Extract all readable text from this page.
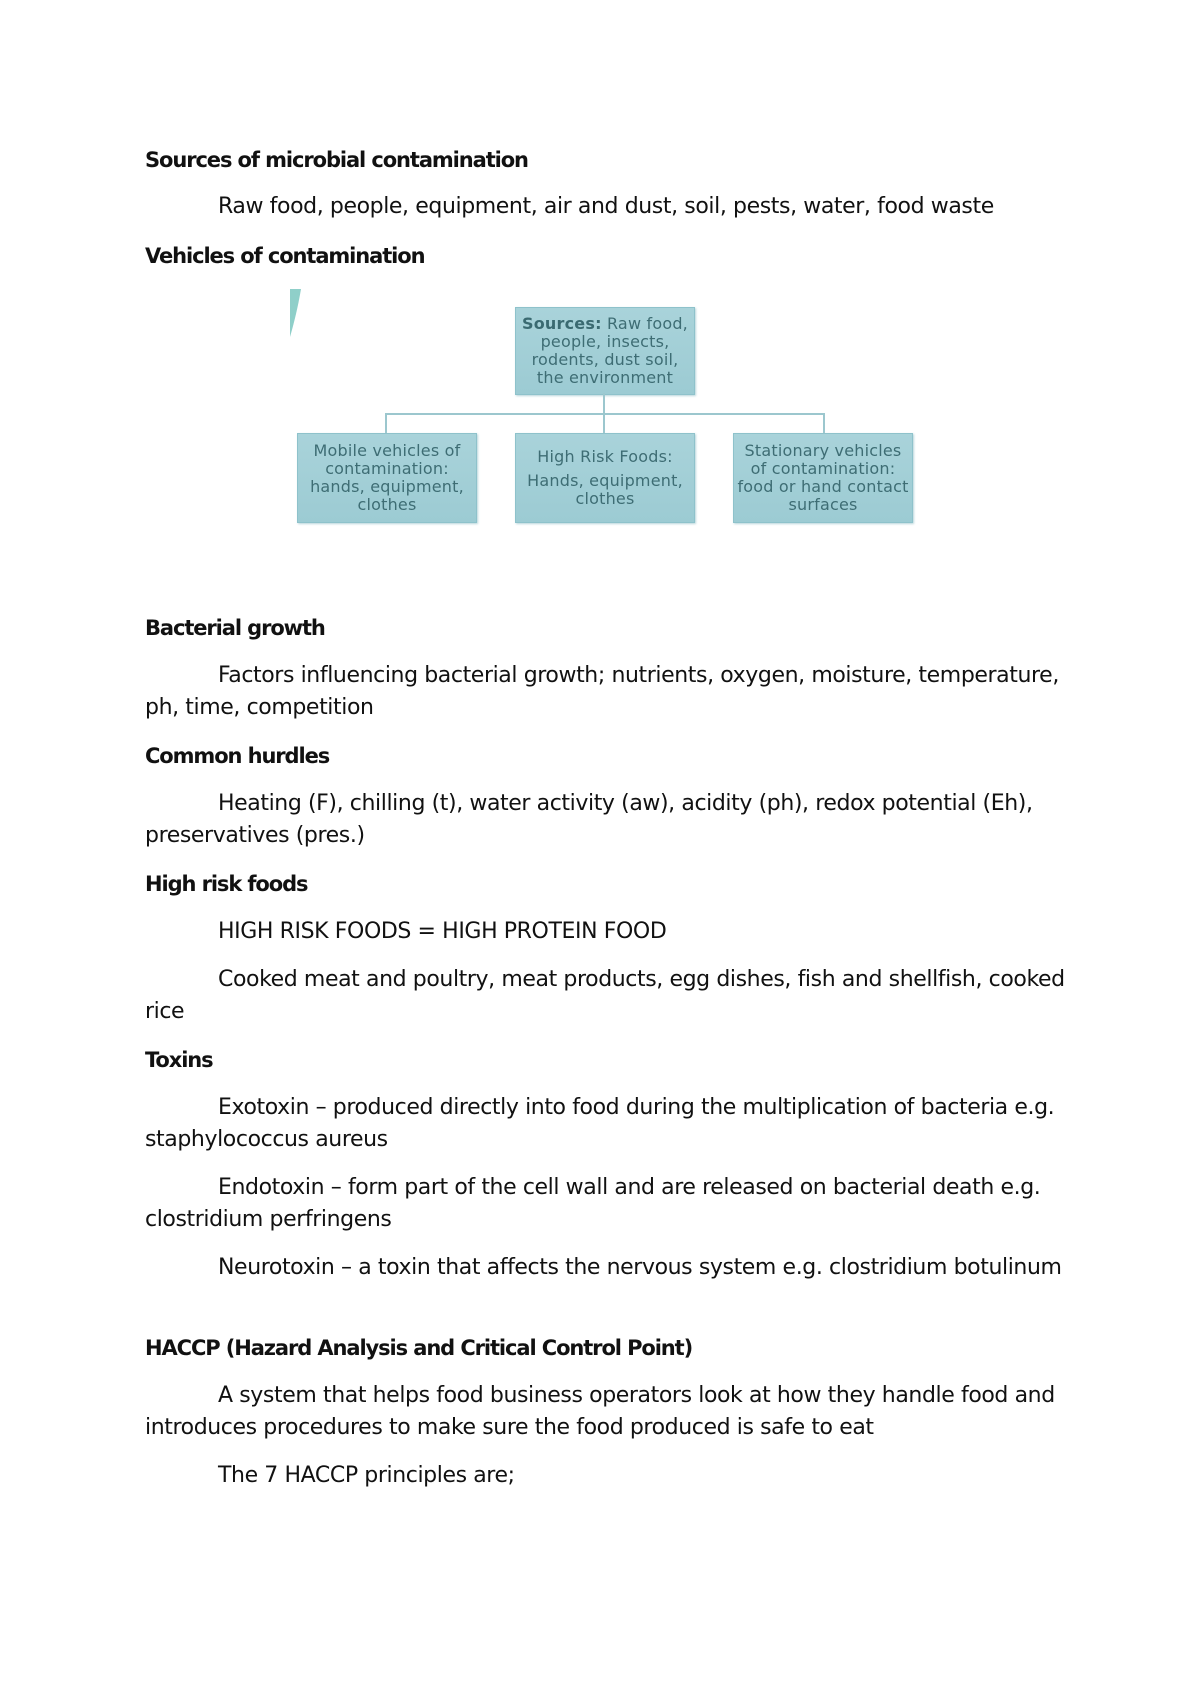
Sources of microbial contamination
Raw food, people, equipment, air and dust, soil, pests, water, food waste
Vehicles of contamination
Sources: Raw food, people, insects, rodents, dust soil, the environment
Mobile vehicles of contamination: hands, equipment, clothes
High Risk Foods:
Hands, equipment, clothes
Stationary vehicles of contamination: food or hand contact surfaces
Bacterial growth
Factors influencing bacterial growth; nutrients, oxygen, moisture, temperature, ph, time, competition
Common hurdles
Heating (F), chilling (t), water activity (aw), acidity (ph), redox potential (Eh), preservatives (pres.)
High risk foods
HIGH RISK FOODS = HIGH PROTEIN FOOD
Cooked meat and poultry, meat products, egg dishes, fish and shellfish, cooked rice
Toxins
Exotoxin – produced directly into food during the multiplication of bacteria e.g. staphylococcus aureus
Endotoxin – form part of the cell wall and are released on bacterial death e.g. clostridium perfringens
Neurotoxin – a toxin that affects the nervous system e.g. clostridium botulinum
HACCP (Hazard Analysis and Critical Control Point)
A system that helps food business operators look at how they handle food and introduces procedures to make sure the food produced is safe to eat
The 7 HACCP principles are;
